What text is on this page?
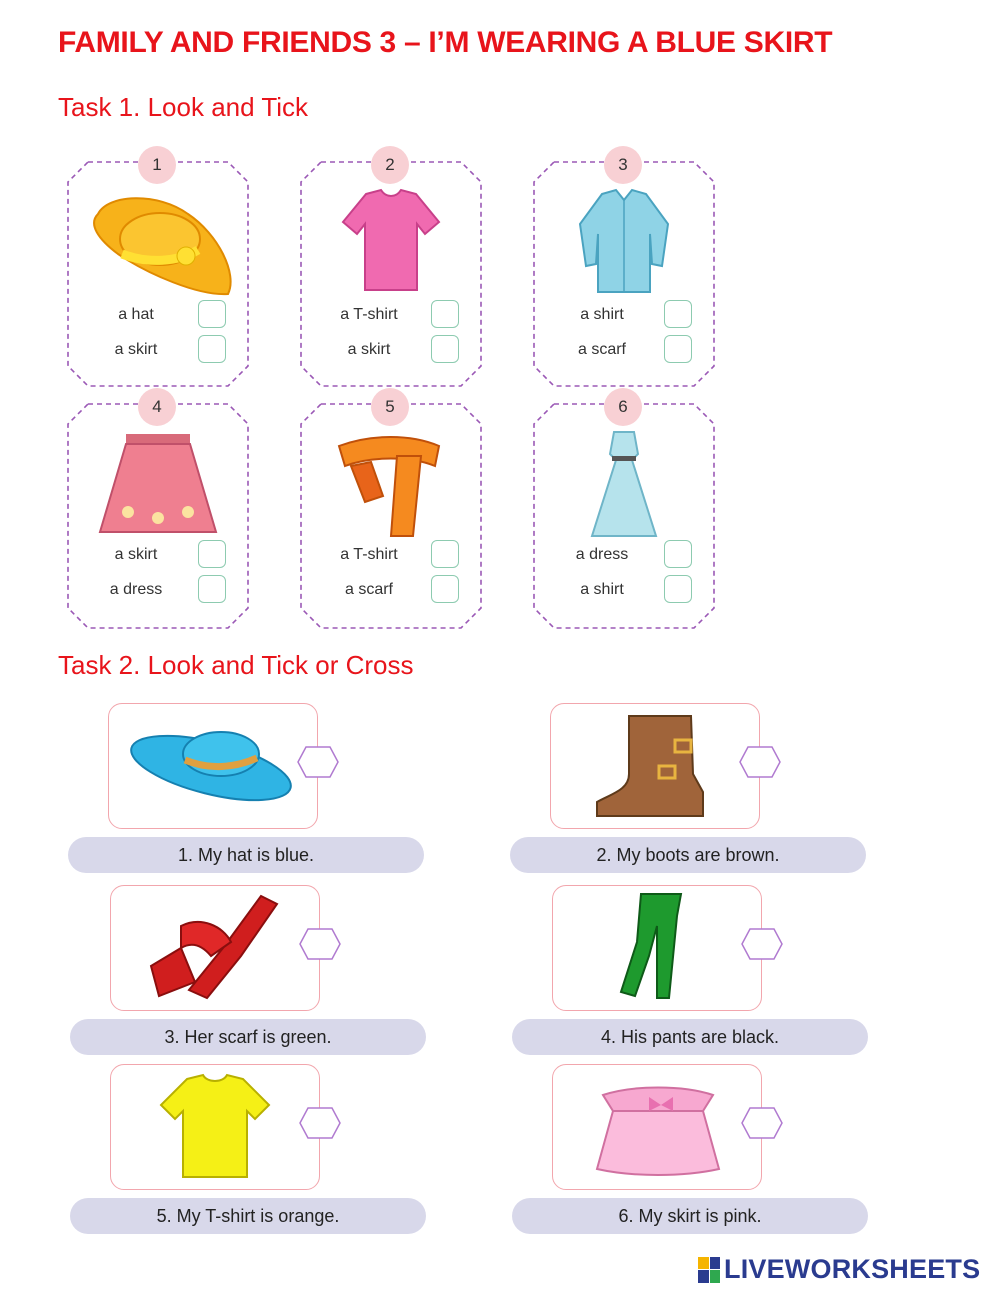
FAMILY AND FRIENDS 3 – I’M WEARING A BLUE SKIRT
Task 1. Look and Tick
1
a hat
a skirt
2
a T-shirt
a skirt
3
a shirt
a scarf
4
a skirt
a dress
5
a T-shirt
a scarf
6
a dress
a shirt
Task 2. Look and Tick or Cross
1. My hat is blue.	2. My boots are brown.
3. Her scarf is green.	4. His pants are black.
5. My T-shirt is orange.	6. My skirt is pink.
LIVEWORKSHEETS
